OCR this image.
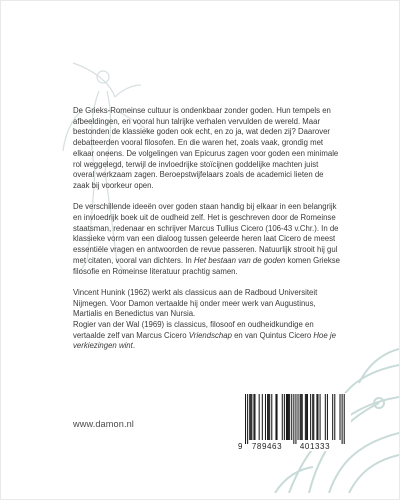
De Grieks-Romeinse cultuur is ondenkbaar zonder goden. Hun tempels en afbeeldingen, en vooral hun talrijke verhalen vervulden de wereld. Maar bestonden de klassieke goden ook echt, en zo ja, wat deden zij? Daarover debatteerden vooral filosofen. En die waren het, zoals vaak, grondig met elkaar oneens. De volgelingen van Epicurus zagen voor goden een minimale rol weggelegd, terwijl de invloedrijke stoïcijnen goddelijke machten juist overal werkzaam zagen. Beroepstwijfelaars zoals de academici lieten de zaak bij voorkeur open.

De verschillende ideeën over goden staan handig bij elkaar in een belangrijk en invloedrijk boek uit de oudheid zelf. Het is geschreven door de Romeinse staatsman, redenaar en schrijver Marcus Tullius Cicero (106-43 v.Chr.). In de klassieke vorm van een dialoog tussen geleerde heren laat Cicero de meest essentiële vragen en antwoorden de revue passeren. Natuurlijk strooit hij gul met citaten, vooral van dichters. In Het bestaan van de goden komen Griekse filosofie en Romeinse literatuur prachtig samen.

Vincent Hunink (1962) werkt als classicus aan de Radboud Universiteit Nijmegen. Voor Damon vertaalde hij onder meer werk van Augustinus, Martialis en Benedictus van Nursia.

Rogier van der Wal (1969) is classicus, filosoof en oudheidkundige en vertaalde zelf van Marcus Cicero Vriendschap en van Quintus Cicero Hoe je verkiezingen wint.

www.damon.nl
9 789463 401333
